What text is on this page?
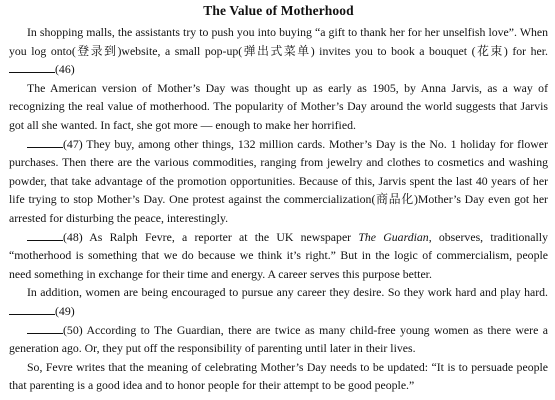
The Value of Motherhood

In shopping malls, the assistants try to push you into buying “a gift to thank her for her unselfish love”. When you log onto(登录到)website, a small pop-up(弹出式菜单) invites you to book a bouquet (花束) for her. (46)

The American version of Mother’s Day was thought up as early as 1905, by Anna Jarvis, as a way of recognizing the real value of motherhood. The popularity of Mother’s Day around the world suggests that Jarvis got all she wanted. In fact, she got more — enough to make her horrified.

(47) They buy, among other things, 132 million cards. Mother’s Day is the No. 1 holiday for flower purchases. Then there are the various commodities, ranging from jewelry and clothes to cosmetics and washing powder, that take advantage of the promotion opportunities. Because of this, Jarvis spent the last 40 years of her life trying to stop Mother’s Day. One protest against the commercialization(商品化)Mother’s Day even got her arrested for disturbing the peace, interestingly.

(48) As Ralph Fevre, a reporter at the UK newspaper The Guardian, observes, traditionally “motherhood is something that we do because we think it’s right.” But in the logic of commercialism, people need something in exchange for their time and energy. A career serves this purpose better.

In addition, women are being encouraged to pursue any career they desire. So they work hard and play hard. (49)

(50) According to The Guardian, there are twice as many child-free young women as there were a generation ago. Or, they put off the responsibility of parenting until later in their lives.

So, Fevre writes that the meaning of celebrating Mother’s Day needs to be updated: “It is to persuade people that parenting is a good idea and to honor people for their attempt to be good people.”
